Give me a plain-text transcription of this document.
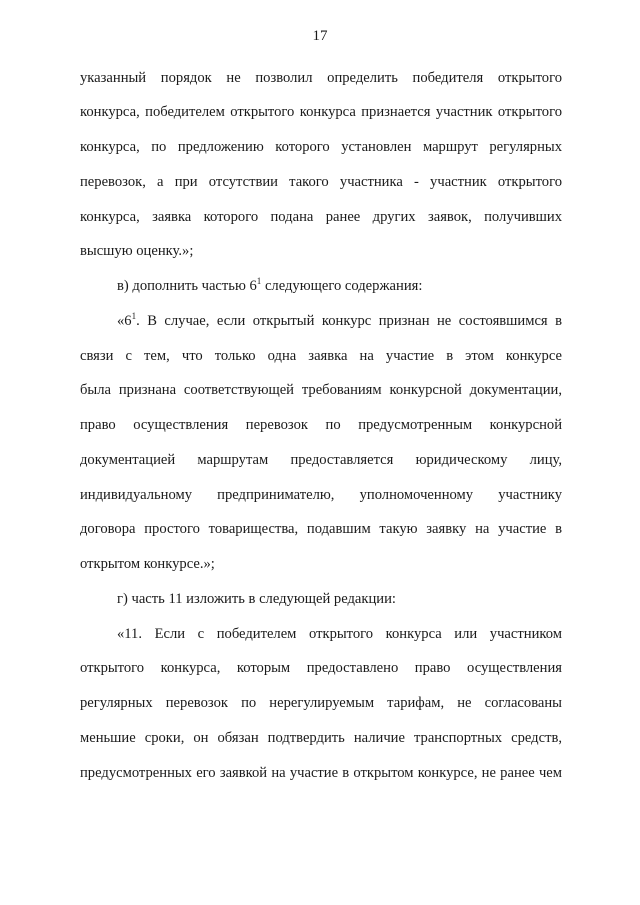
17
указанный порядок не позволил определить победителя открытого
конкурса, победителем открытого конкурса признается участник открытого
конкурса, по предложению которого установлен маршрут регулярных
перевозок, а при отсутствии такого участника - участник открытого
конкурса, заявка которого подана ранее других заявок, получивших
высшую оценку.»;
в) дополнить частью $6^1$ следующего содержания:
«$6^1$. В случае, если открытый конкурс признан не состоявшимся в
связи с тем, что только одна заявка на участие в этом конкурсе
была признана соответствующей требованиям конкурсной документации,
право осуществления перевозок по предусмотренным конкурсной
документацией маршрутам предоставляется юридическому лицу,
индивидуальному предпринимателю, уполномоченному участнику
договора простого товарищества, подавшим такую заявку на участие в
открытом конкурсе.»;
г) часть 11 изложить в следующей редакции:
«11. Если с победителем открытого конкурса или участником
открытого конкурса, которым предоставлено право осуществления
регулярных перевозок по нерегулируемым тарифам, не согласованы
меньшие сроки, он обязан подтвердить наличие транспортных средств,
предусмотренных его заявкой на участие в открытом конкурсе, не ранее чем
